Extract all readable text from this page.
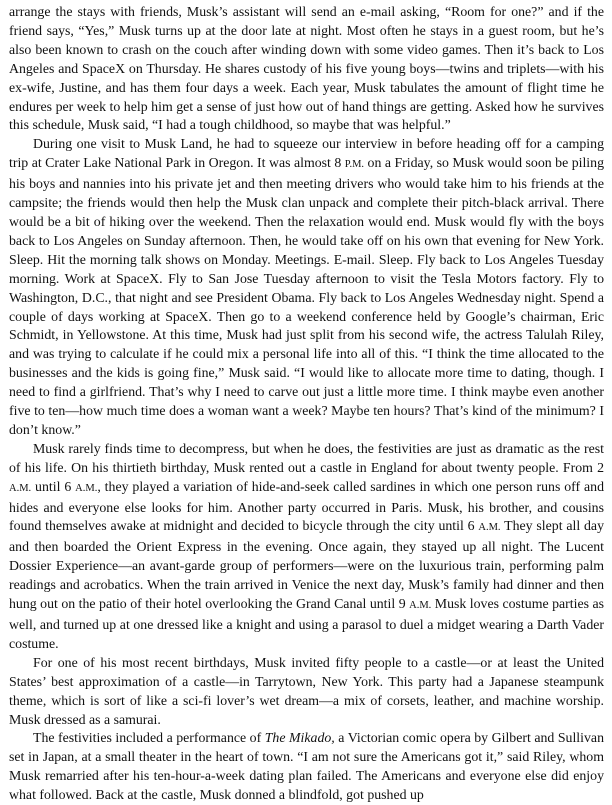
arrange the stays with friends, Musk’s assistant will send an e-mail asking, “Room for one?” and if the friend says, “Yes,” Musk turns up at the door late at night. Most often he stays in a guest room, but he’s also been known to crash on the couch after winding down with some video games. Then it’s back to Los Angeles and SpaceX on Thursday. He shares custody of his five young boys—twins and triplets—with his ex-wife, Justine, and has them four days a week. Each year, Musk tabulates the amount of flight time he endures per week to help him get a sense of just how out of hand things are getting. Asked how he survives this schedule, Musk said, “I had a tough childhood, so maybe that was helpful.”

During one visit to Musk Land, he had to squeeze our interview in before heading off for a camping trip at Crater Lake National Park in Oregon. It was almost 8 P.M. on a Friday, so Musk would soon be piling his boys and nannies into his private jet and then meeting drivers who would take him to his friends at the campsite; the friends would then help the Musk clan unpack and complete their pitch-black arrival. There would be a bit of hiking over the weekend. Then the relaxation would end. Musk would fly with the boys back to Los Angeles on Sunday afternoon. Then, he would take off on his own that evening for New York. Sleep. Hit the morning talk shows on Monday. Meetings. E-mail. Sleep. Fly back to Los Angeles Tuesday morning. Work at SpaceX. Fly to San Jose Tuesday afternoon to visit the Tesla Motors factory. Fly to Washington, D.C., that night and see President Obama. Fly back to Los Angeles Wednesday night. Spend a couple of days working at SpaceX. Then go to a weekend conference held by Google’s chairman, Eric Schmidt, in Yellowstone. At this time, Musk had just split from his second wife, the actress Talulah Riley, and was trying to calculate if he could mix a personal life into all of this. “I think the time allocated to the businesses and the kids is going fine,” Musk said. “I would like to allocate more time to dating, though. I need to find a girlfriend. That’s why I need to carve out just a little more time. I think maybe even another five to ten—how much time does a woman want a week? Maybe ten hours? That’s kind of the minimum? I don’t know.”

Musk rarely finds time to decompress, but when he does, the festivities are just as dramatic as the rest of his life. On his thirtieth birthday, Musk rented out a castle in England for about twenty people. From 2 A.M. until 6 A.M., they played a variation of hide-and-seek called sardines in which one person runs off and hides and everyone else looks for him. Another party occurred in Paris. Musk, his brother, and cousins found themselves awake at midnight and decided to bicycle through the city until 6 A.M. They slept all day and then boarded the Orient Express in the evening. Once again, they stayed up all night. The Lucent Dossier Experience—an avant-garde group of performers—were on the luxurious train, performing palm readings and acrobatics. When the train arrived in Venice the next day, Musk’s family had dinner and then hung out on the patio of their hotel overlooking the Grand Canal until 9 A.M. Musk loves costume parties as well, and turned up at one dressed like a knight and using a parasol to duel a midget wearing a Darth Vader costume.

For one of his most recent birthdays, Musk invited fifty people to a castle—or at least the United States’ best approximation of a castle—in Tarrytown, New York. This party had a Japanese steampunk theme, which is sort of like a sci-fi lover’s wet dream—a mix of corsets, leather, and machine worship. Musk dressed as a samurai.

The festivities included a performance of The Mikado, a Victorian comic opera by Gilbert and Sullivan set in Japan, at a small theater in the heart of town. “I am not sure the Americans got it,” said Riley, whom Musk remarried after his ten-hour-a-week dating plan failed. The Americans and everyone else did enjoy what followed. Back at the castle, Musk donned a blindfold, got pushed up
